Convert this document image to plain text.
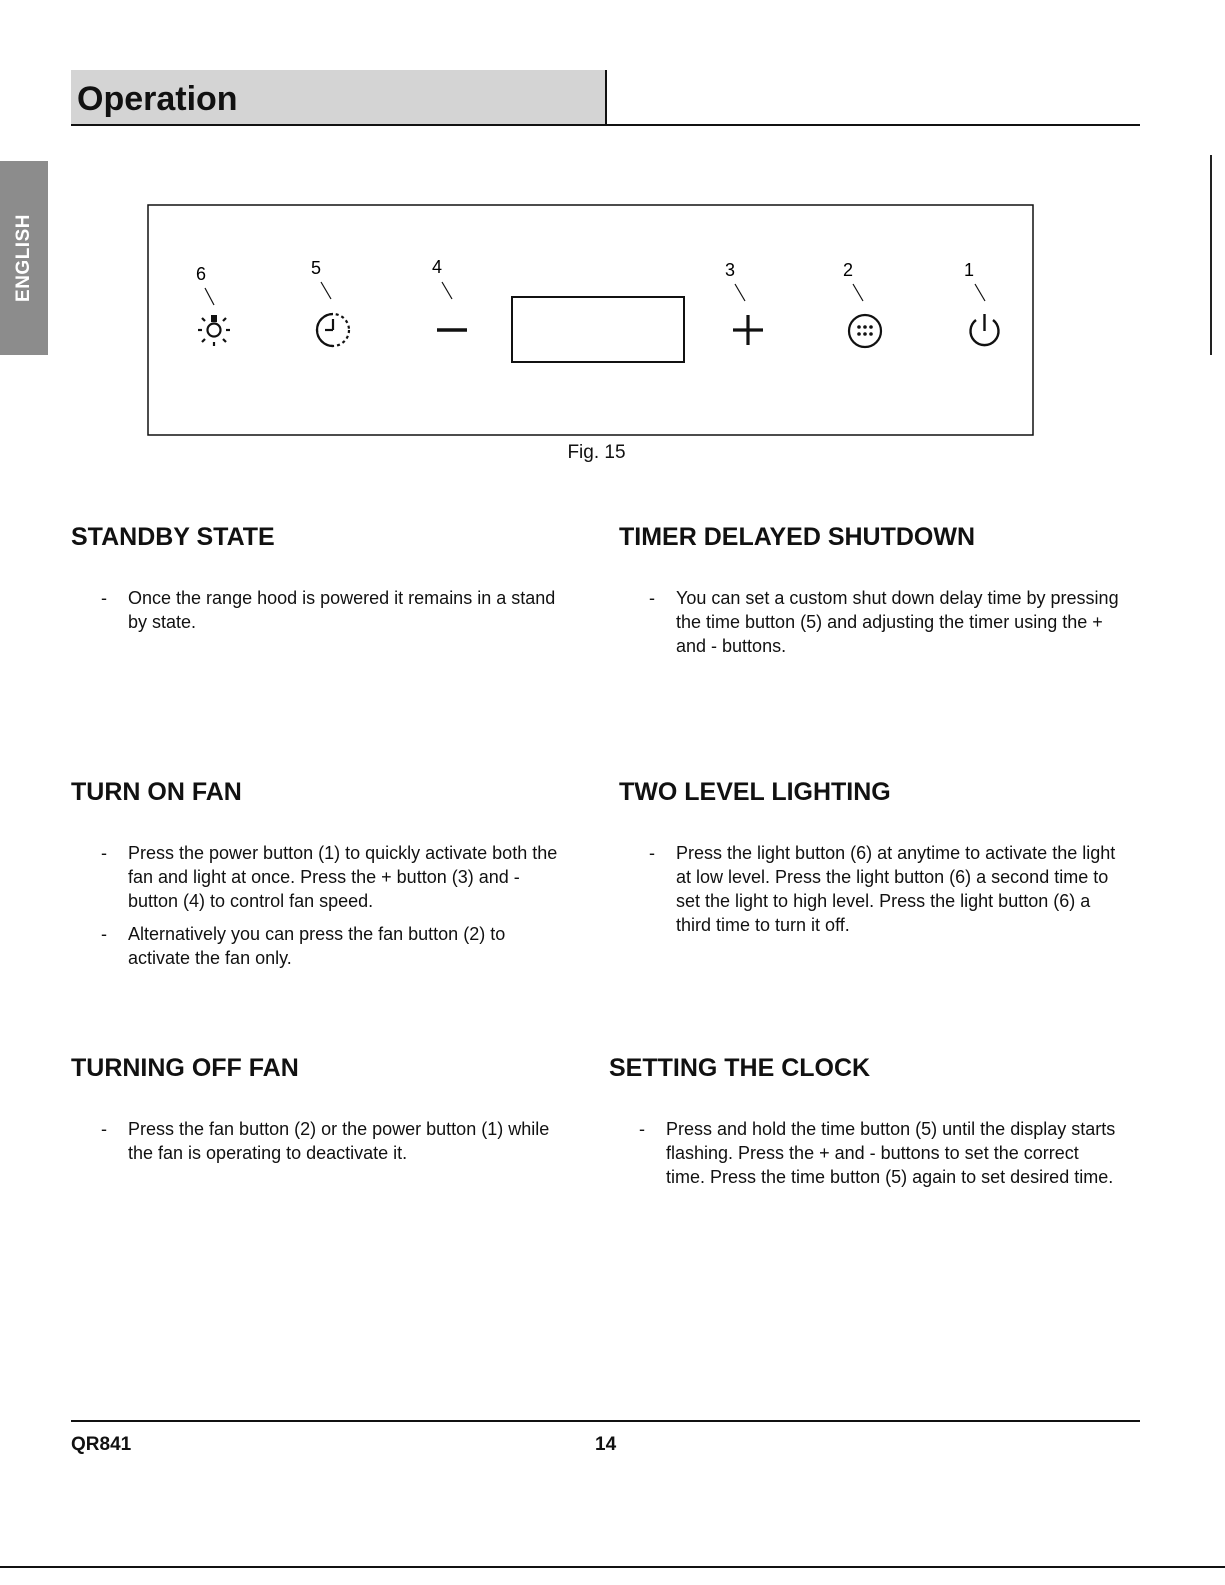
Operation
ENGLISH	6	5	4	3	2	1
Fig. 15
STANDBY STATE
- Once the range hood is powered it remains in a stand by state.
TIMER DELAYED SHUTDOWN
- You can set a custom shut down delay time by pressing the time button (5) and adjusting the timer using the + and - buttons.
TURN ON FAN
- Press the power button (1) to quickly activate both the fan and light at once. Press the + button (3) and - button (4) to control fan speed.
- Alternatively you can press the fan button (2) to activate the fan only.
TWO LEVEL LIGHTING
- Press the light button (6) at anytime to activate the light at low level. Press the light button (6) a second time to set the light to high level. Press the light button (6) a third time to turn it off.
TURNING OFF FAN
- Press the fan button (2) or the power button (1) while the fan is operating to deactivate it.
SETTING THE CLOCK
- Press and hold the time button (5) until the display starts flashing. Press the + and - buttons to set the correct time. Press the time button (5) again to set desired time.
QR841	14
